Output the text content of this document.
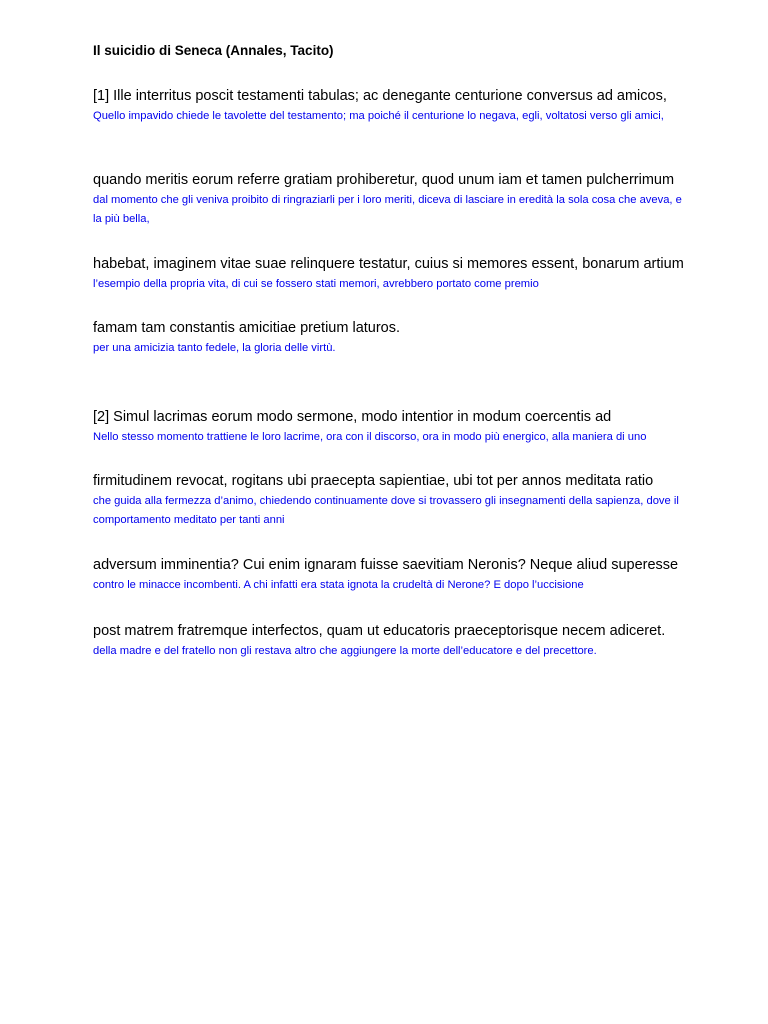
Il suicidio di Seneca (Annales, Tacito)
[1] Ille interritus poscit testamenti tabulas; ac denegante centurione conversus ad amicos,
Quello impavido chiede le tavolette del testamento; ma poiché il centurione lo negava, egli, voltatosi verso gli amici,
quando meritis eorum referre gratiam prohiberetur, quod unum iam et tamen pulcherrimum
dal momento che gli veniva proibito di ringraziarli per i loro meriti, diceva di lasciare in eredità la sola cosa che aveva, e la più bella,
habebat, imaginem vitae suae relinquere testatur, cuius si memores essent, bonarum artium
l’esempio della propria vita, di cui se fossero stati memori, avrebbero portato come premio
famam tam constantis amicitiae pretium laturos.
per una amicizia tanto fedele, la gloria delle virtù.
[2] Simul lacrimas eorum modo sermone, modo intentior in modum coercentis ad
Nello stesso momento trattiene le loro lacrime, ora con il discorso, ora in modo più energico, alla maniera di uno
firmitudinem revocat, rogitans ubi praecepta sapientiae, ubi tot per annos meditata ratio
che guida alla fermezza d’animo, chiedendo continuamente dove si trovassero gli insegnamenti della sapienza, dove il comportamento meditato per tanti anni
adversum imminentia? Cui enim ignaram fuisse saevitiam Neronis? Neque aliud superesse
contro le minacce incombenti. A chi infatti era stata ignota la crudeltà di Nerone? E dopo l’uccisione
post matrem fratremque interfectos, quam ut educatoris praeceptorisque necem adiceret.
della madre e del fratello non gli restava altro che aggiungere la morte dell’educatore e del precettore.
